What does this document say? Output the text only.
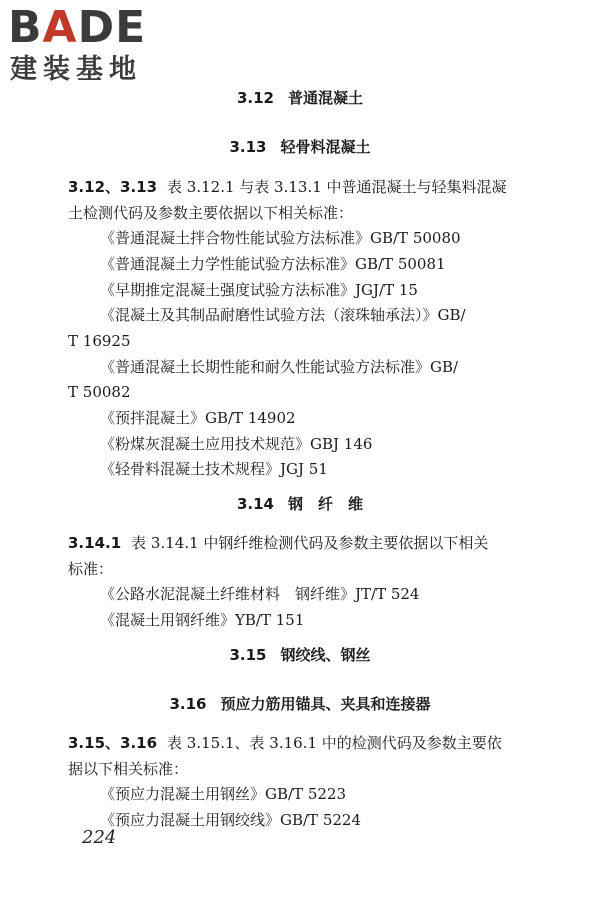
BADE
建装基地
3.12 普通混凝土
3.13 轻骨料混凝土
3.12、3.13 表 3.12.1 与表 3.13.1 中普通混凝土与轻集料混凝
土检测代码及参数主要依据以下相关标准：
《普通混凝土拌合物性能试验方法标准》GB/T 50080
《普通混凝土力学性能试验方法标准》GB/T 50081
《早期推定混凝土强度试验方法标准》JGJ/T 15
《混凝土及其制品耐磨性试验方法（滚珠轴承法）》GB/
T 16925
《普通混凝土长期性能和耐久性能试验方法标准》GB/
T 50082
《预拌混凝土》GB/T 14902
《粉煤灰混凝土应用技术规范》GBJ 146
《轻骨料混凝土技术规程》JGJ 51
3.14 钢　纤　维
3.14.1 表 3.14.1 中钢纤维检测代码及参数主要依据以下相关
标准：
《公路水泥混凝土纤维材料　钢纤维》JT/T 524
《混凝土用钢纤维》YB/T 151
3.15 钢绞线、钢丝
3.16 预应力筋用锚具、夹具和连接器
3.15、3.16 表 3.15.1、表 3.16.1 中的检测代码及参数主要依
据以下相关标准：
《预应力混凝土用钢丝》GB/T 5223
《预应力混凝土用钢绞线》GB/T 5224
224
